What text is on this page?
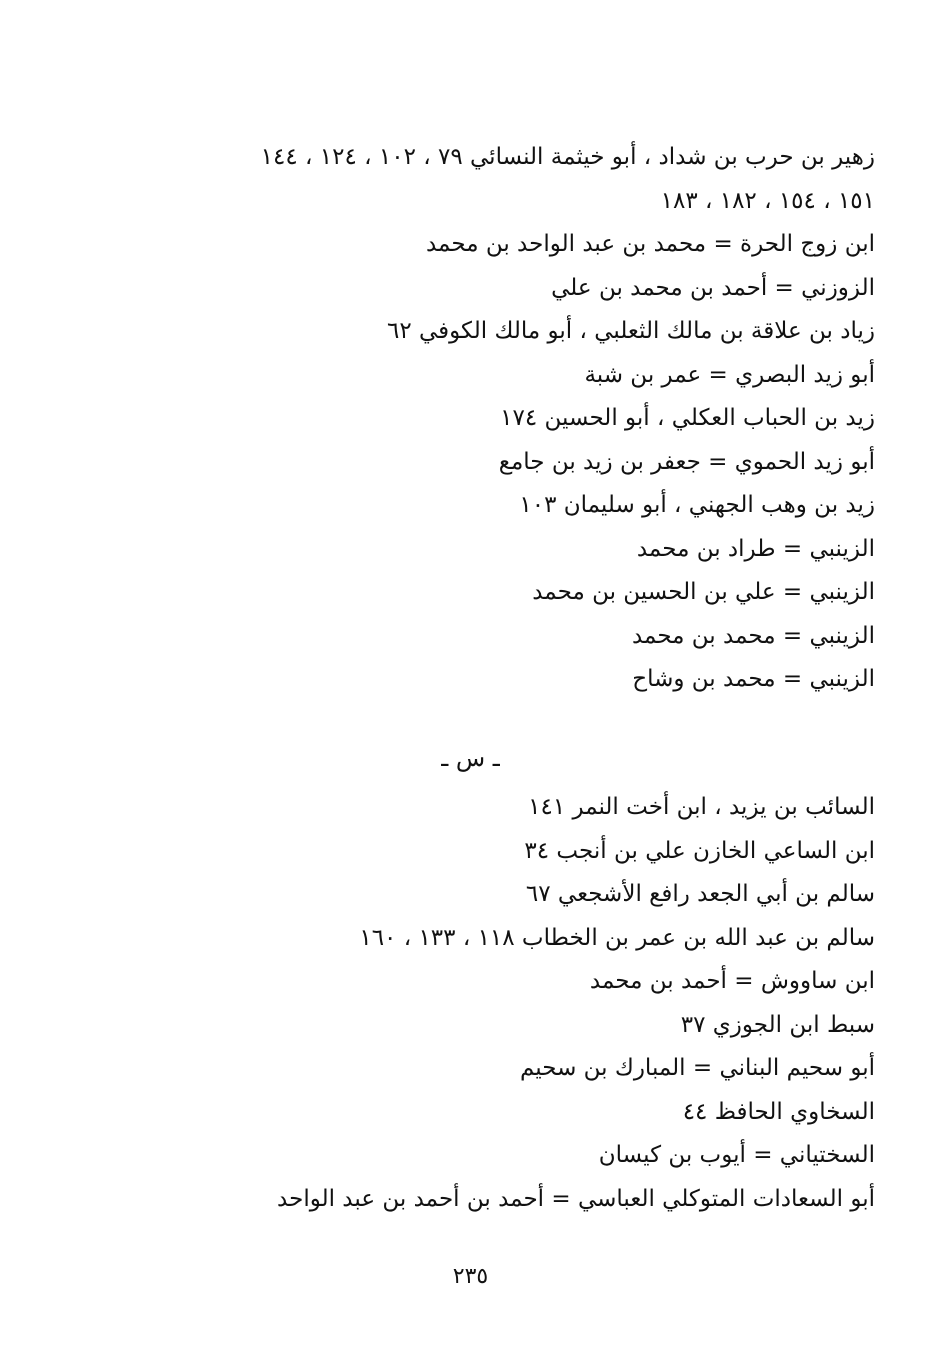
زهير بن حرب بن شداد ، أبو خيثمة النسائي ٧٩ ، ١٠٢ ، ١٢٤ ، ١٤٤
١٥١ ، ١٥٤ ، ١٨٢ ، ١٨٣
ابن زوج الحرة = محمد بن عبد الواحد بن محمد
الزوزني = أحمد بن محمد بن علي
زياد بن علاقة بن مالك الثعلبي ، أبو مالك الكوفي ٦٢
أبو زيد البصري = عمر بن شبة
زيد بن الحباب العكلي ، أبو الحسين ١٧٤
أبو زيد الحموي = جعفر بن زيد بن جامع
زيد بن وهب الجهني ، أبو سليمان ١٠٣
الزينبي = طراد بن محمد
الزينبي = علي بن الحسين بن محمد
الزينبي = محمد بن محمد
الزينبي = محمد بن وشاح
ـ س ـ
السائب بن يزيد ، ابن أخت النمر ١٤١
ابن الساعي الخازن علي بن أنجب ٣٤
سالم بن أبي الجعد رافع الأشجعي ٦٧
سالم بن عبد الله بن عمر بن الخطاب ١١٨ ، ١٣٣ ، ١٦٠
ابن ساووش = أحمد بن محمد
سبط ابن الجوزي ٣٧
أبو سحيم البناني = المبارك بن سحيم
السخاوي الحافظ ٤٤
السختياني = أيوب بن كيسان
أبو السعادات المتوكلي العباسي = أحمد بن أحمد بن عبد الواحد
٢٣٥
